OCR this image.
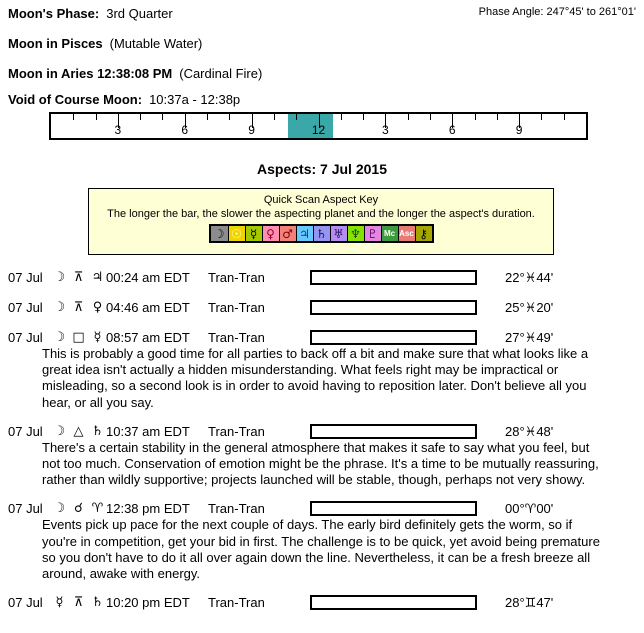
Moon's Phase: 3rd Quarter	Phase Angle: 247°45' to 261°01'
Moon in Pisces (Mutable Water)
Moon in Aries 12:38:08 PM (Cardinal Fire)
Void of Course Moon: 10:37a - 12:38p
3	6	9	12	3	6	9
Aspects: 7 Jul 2015
Quick Scan Aspect Key
The longer the bar, the slower the aspecting planet and the longer the aspect's duration.
☽ ☉ ☿ ♀ ♂ ♃ ♄ ♅ ♆ ♇ Mc Asc ⚷
07 Jul ☽ ⊼ ♃ 00:24 am EDT Tran-Tran	22°♓44'
07 Jul ☽ ⊼ ♀ 04:46 am EDT Tran-Tran	25°♓20'
07 Jul ☽ □ ☿ 08:57 am EDT Tran-Tran	27°♓49'
This is probably a good time for all parties to back off a bit and make sure that what looks like a great idea isn't actually a hidden misunderstanding. What feels right may be impractical or misleading, so a second look is in order to avoid having to reposition later. Don't believe all you hear, or all you say.
07 Jul ☽ △ ♄ 10:37 am EDT Tran-Tran	28°♓48'
There's a certain stability in the general atmosphere that makes it safe to say what you feel, but not too much. Conservation of emotion might be the phrase. It's a time to be mutually reassuring, rather than wildly supportive; projects launched will be stable, though, perhaps not very showy.
07 Jul ☽ ☌ ♈ 12:38 pm EDT Tran-Tran	00°♈00'
Events pick up pace for the next couple of days. The early bird definitely gets the worm, so if you're in competition, get your bid in first. The challenge is to be quick, yet avoid being premature so you don't have to do it all over again down the line. Nevertheless, it can be a fresh breeze all around, awake with energy.
07 Jul ☿ ⊼ ♄ 10:20 pm EDT Tran-Tran	28°♊47'
